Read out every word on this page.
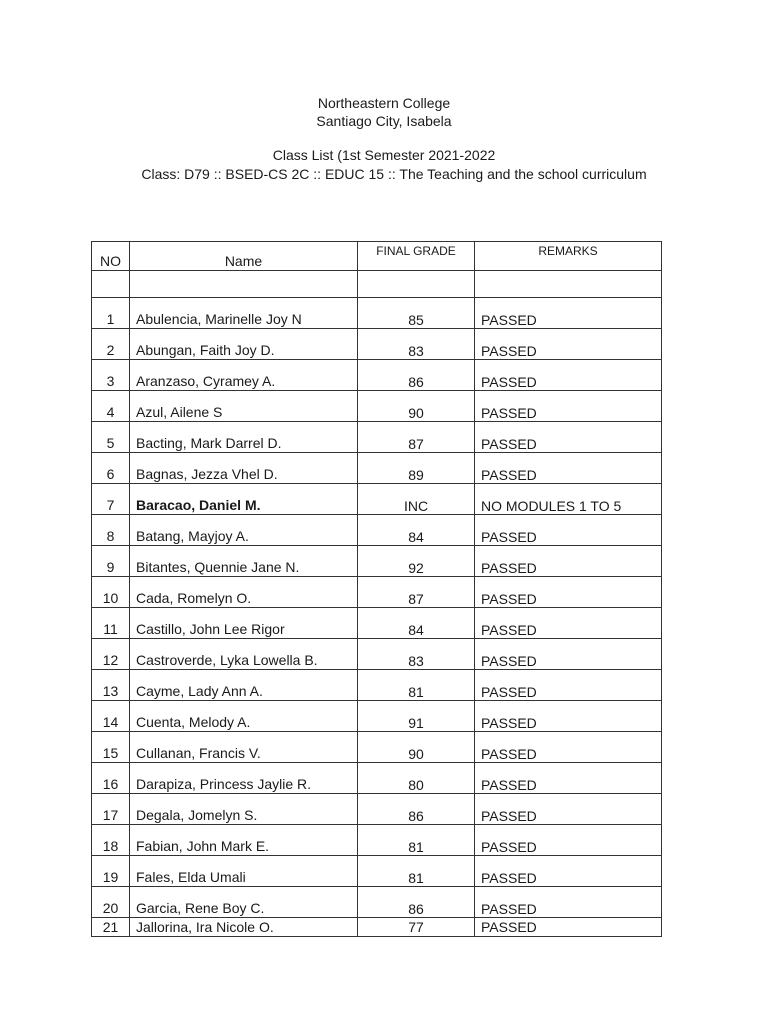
Northeastern College
Santiago City, Isabela
Class List (1st Semester 2021-2022
Class: D79 :: BSED-CS 2C :: EDUC 15 :: The Teaching and the school curriculum
NO	Name	FINAL GRADE	REMARKS

1	Abulencia, Marinelle Joy N	85	PASSED
2	Abungan, Faith Joy D.	83	PASSED
3	Aranzaso, Cyramey A.	86	PASSED
4	Azul, Ailene S	90	PASSED
5	Bacting, Mark Darrel D.	87	PASSED
6	Bagnas, Jezza Vhel D.	89	PASSED
7	Baracao, Daniel M.	INC	NO MODULES 1 TO 5
8	Batang, Mayjoy A.	84	PASSED
9	Bitantes, Quennie Jane N.	92	PASSED
10	Cada, Romelyn O.	87	PASSED
11	Castillo, John Lee Rigor	84	PASSED
12	Castroverde, Lyka Lowella B.	83	PASSED
13	Cayme, Lady Ann A.	81	PASSED
14	Cuenta, Melody A.	91	PASSED
15	Cullanan, Francis V.	90	PASSED
16	Darapiza, Princess Jaylie R.	80	PASSED
17	Degala, Jomelyn S.	86	PASSED
18	Fabian, John Mark E.	81	PASSED
19	Fales, Elda Umali	81	PASSED
20	Garcia, Rene Boy C.	86	PASSED
21	Jallorina, Ira Nicole O.	77	PASSED
